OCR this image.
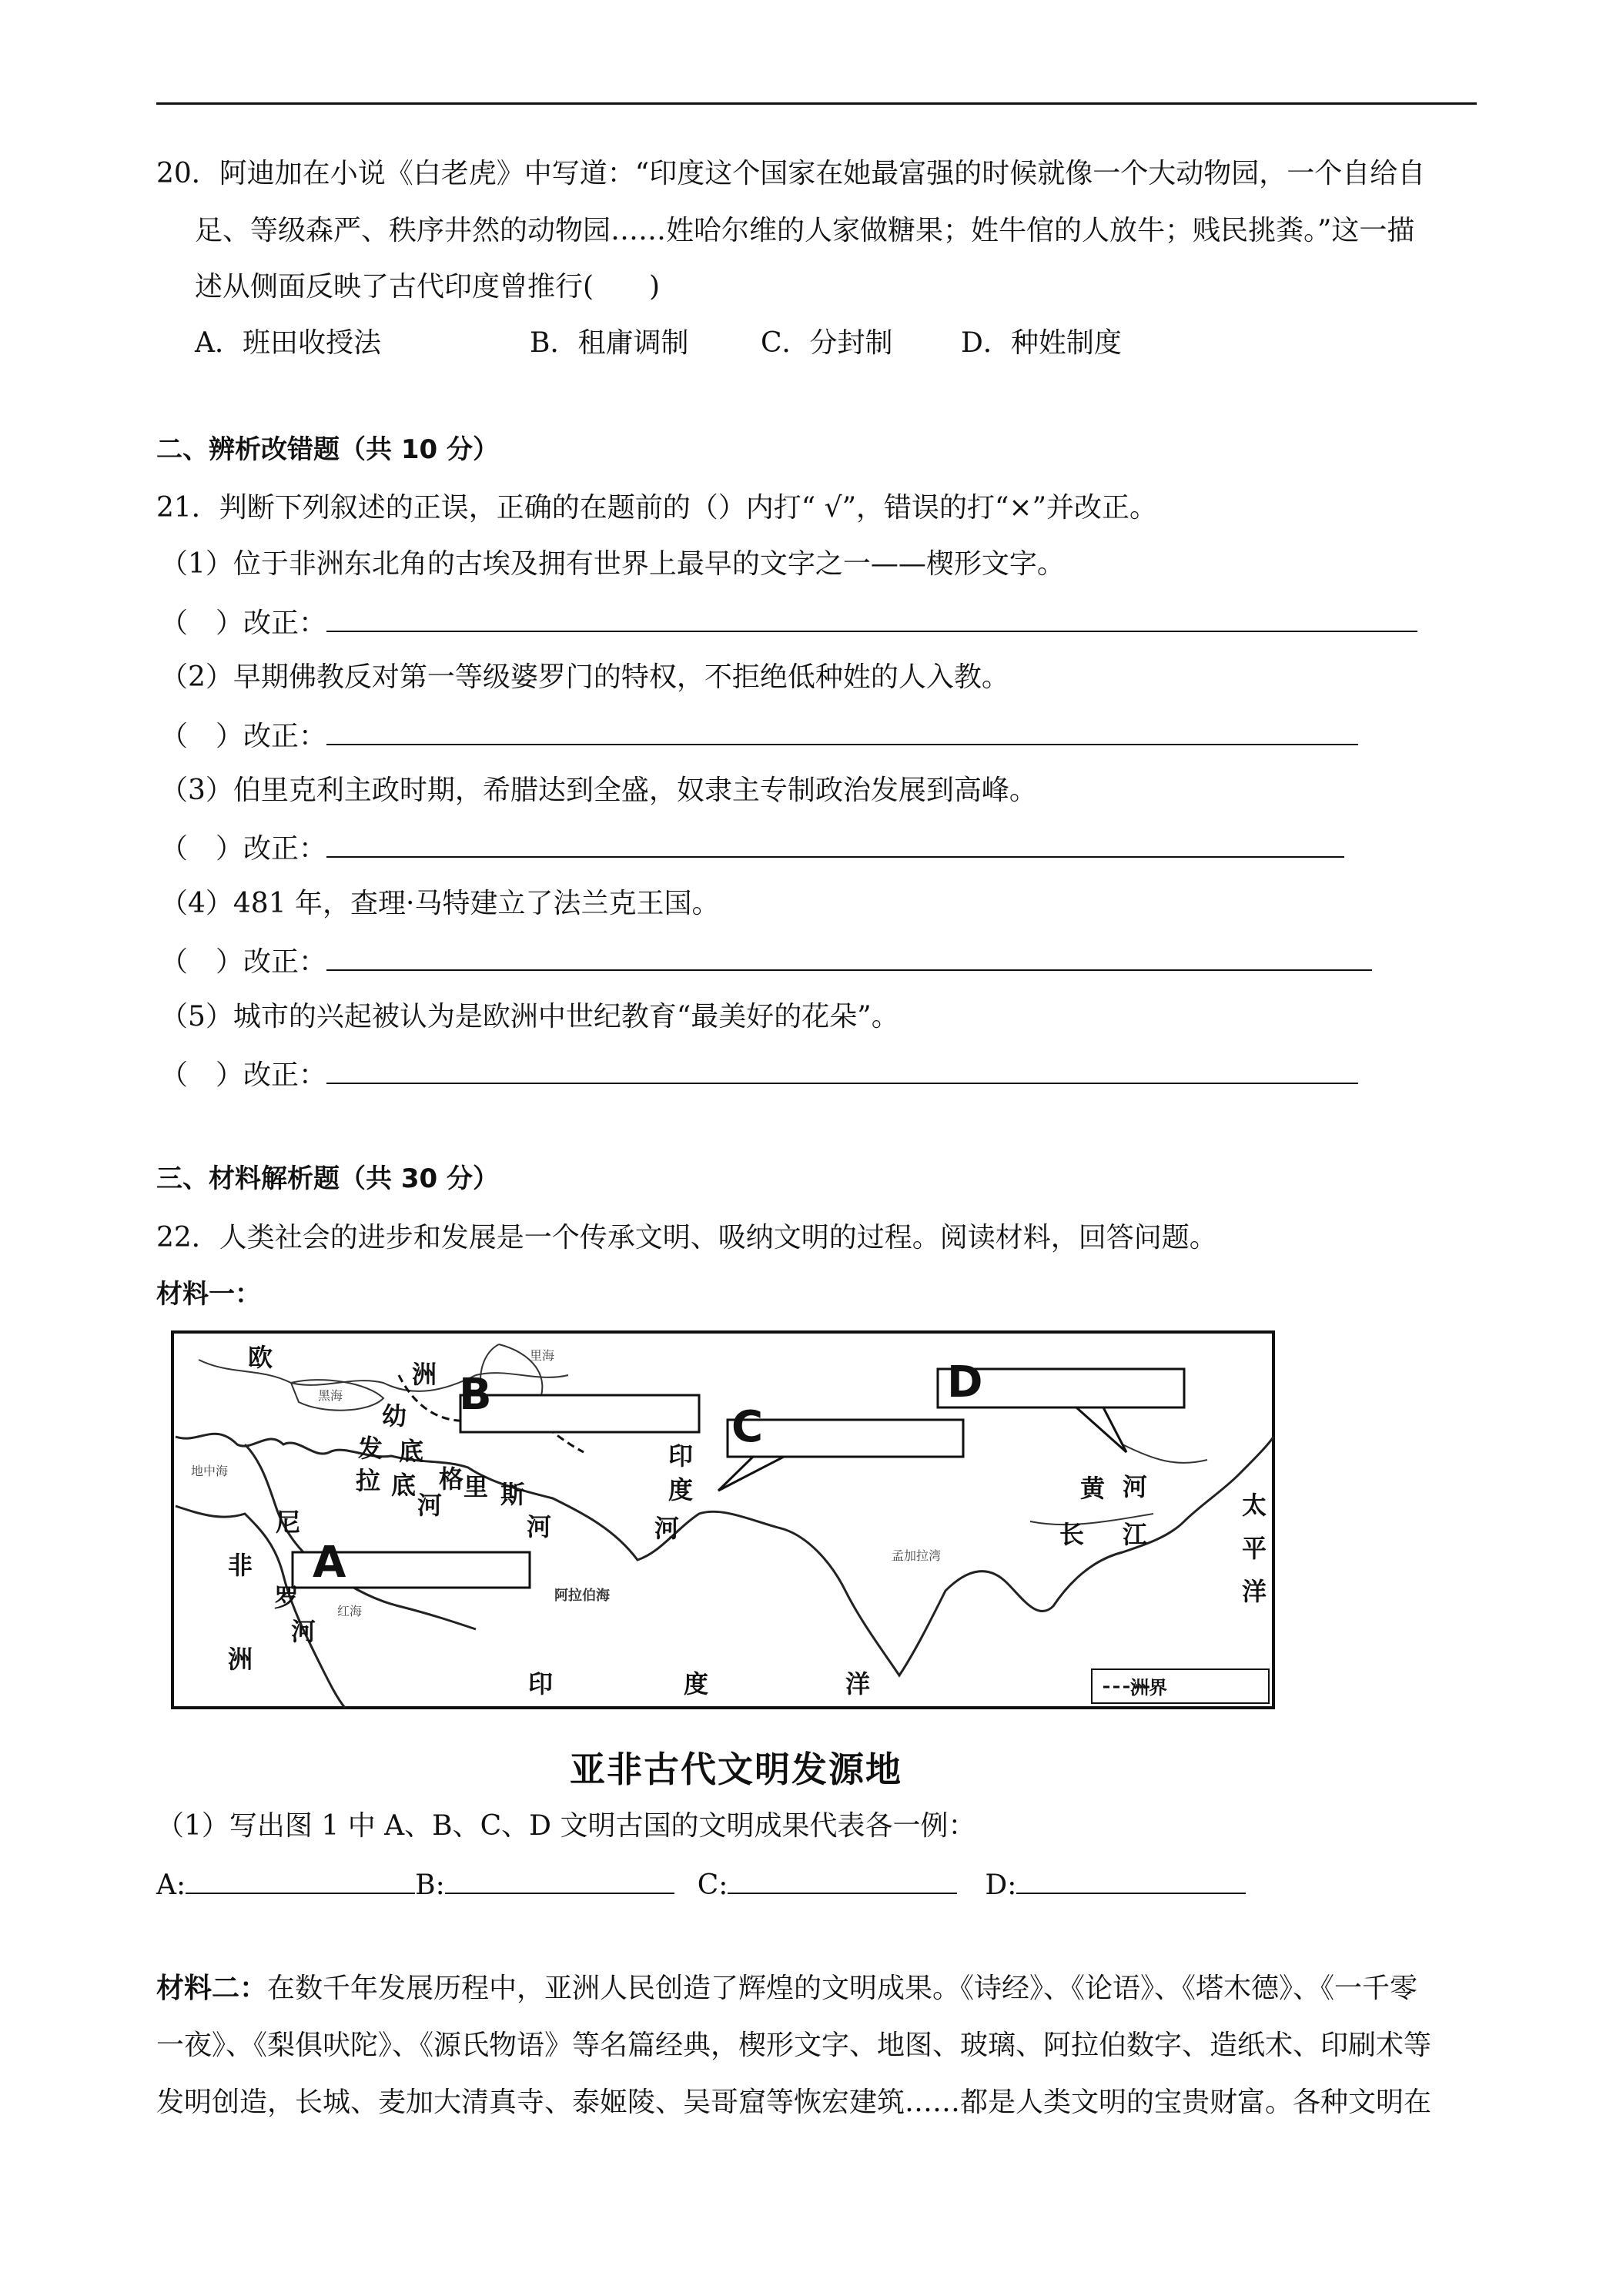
20．阿迪加在小说《白老虎》中写道：“印度这个国家在她最富强的时候就像一个大动物园，一个自给自
足、等级森严、秩序井然的动物园……姓哈尔维的人家做糖果；姓牛倌的人放牛；贱民挑粪。”这一描
述从侧面反映了古代印度曾推行(　　)
A．班田收授法	B．租庸调制	C．分封制 D．种姓制度
二、辨析改错题（共 10 分）
21．判断下列叙述的正误，正确的在题前的（）内打“ √”，错误的打“×”并改正。
（1）位于非洲东北角的古埃及拥有世界上最早的文字之一——楔形文字。
（　）改正：
（2）早期佛教反对第一等级婆罗门的特权，不拒绝低种姓的人入教。
（　）改正：
（3）伯里克利主政时期，希腊达到全盛，奴隶主专制政治发展到高峰。
（　）改正：
（4）481 年，查理·马特建立了法兰克王国。
（　）改正：
（5）城市的兴起被认为是欧洲中世纪教育“最美好的花朵”。
（　）改正：
三、材料解析题（共 30 分）
22．人类社会的进步和发展是一个传承文明、吸纳文明的过程。阅读材料，回答问题。
材料一：
B
A
C
D
欧
洲
非
洲
幼
发
拉
底
河
底 格 里 斯
河
尼
罗
河
印
度
河
黄 河
长 江
太
平
洋
印	度	洋
阿拉伯海
洲界
里海
黑海
地中海
红海
孟加拉湾
亚非古代文明发源地
（1）写出图 1 中 A、B、C、D 文明古国的文明成果代表各一例：
A:	B:	C:	D:
材料二：在数千年发展历程中，亚洲人民创造了辉煌的文明成果。《诗经》、《论语》、《塔木德》、《一千零
一夜》、《梨俱吠陀》、《源氏物语》等名篇经典，楔形文字、地图、玻璃、阿拉伯数字、造纸术、印刷术等
发明创造，长城、麦加大清真寺、泰姬陵、吴哥窟等恢宏建筑……都是人类文明的宝贵财富。各种文明在
